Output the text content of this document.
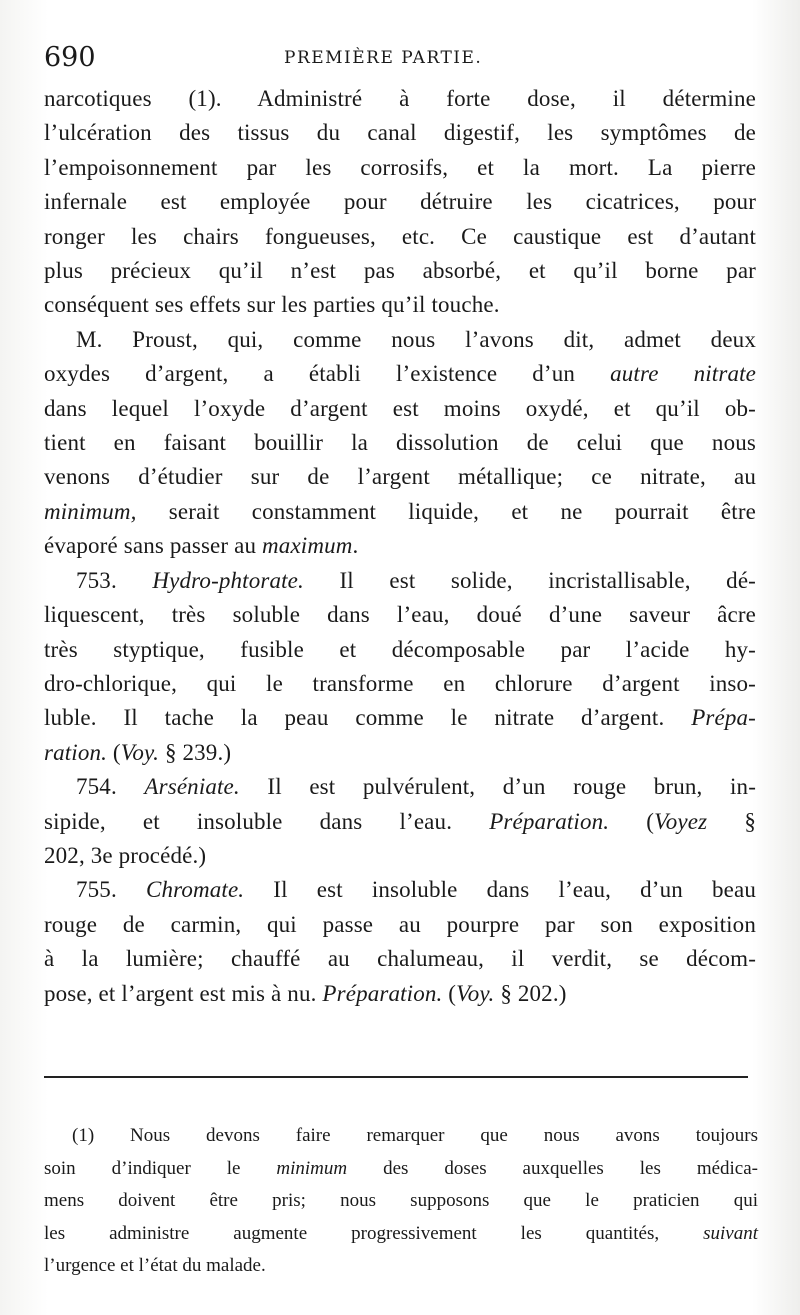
690	PREMIÈRE PARTIE.
narcotiques (1). Administré à forte dose, il détermine
l’ulcération des tissus du canal digestif, les symptômes de
l’empoisonnement par les corrosifs, et la mort. La pierre
infernale est employée pour détruire les cicatrices, pour
ronger les chairs fongueuses, etc. Ce caustique est d’autant
plus précieux qu’il n’est pas absorbé, et qu’il borne par
conséquent ses effets sur les parties qu’il touche.
M. Proust, qui, comme nous l’avons dit, admet deux
oxydes d’argent, a établi l’existence d’un autre nitrate
dans lequel l’oxyde d’argent est moins oxydé, et qu’il ob-
tient en faisant bouillir la dissolution de celui que nous
venons d’étudier sur de l’argent métallique; ce nitrate, au
minimum, serait constamment liquide, et ne pourrait être
évaporé sans passer au maximum.
753. Hydro-phtorate. Il est solide, incristallisable, dé-
liquescent, très soluble dans l’eau, doué d’une saveur âcre
très styptique, fusible et décomposable par l’acide hy-
dro-chlorique, qui le transforme en chlorure d’argent inso-
luble. Il tache la peau comme le nitrate d’argent. Prépa-
ration. (Voy. § 239.)
754. Arséniate. Il est pulvérulent, d’un rouge brun, in-
sipide, et insoluble dans l’eau. Préparation. (Voyez §
202, 3e procédé.)
755. Chromate. Il est insoluble dans l’eau, d’un beau
rouge de carmin, qui passe au pourpre par son exposition
à la lumière; chauffé au chalumeau, il verdit, se décom-
pose, et l’argent est mis à nu. Préparation. (Voy. § 202.)
(1) Nous devons faire remarquer que nous avons toujours
soin d’indiquer le minimum des doses auxquelles les médica-
mens doivent être pris; nous supposons que le praticien qui
les administre augmente progressivement les quantités, suivant
l’urgence et l’état du malade.
